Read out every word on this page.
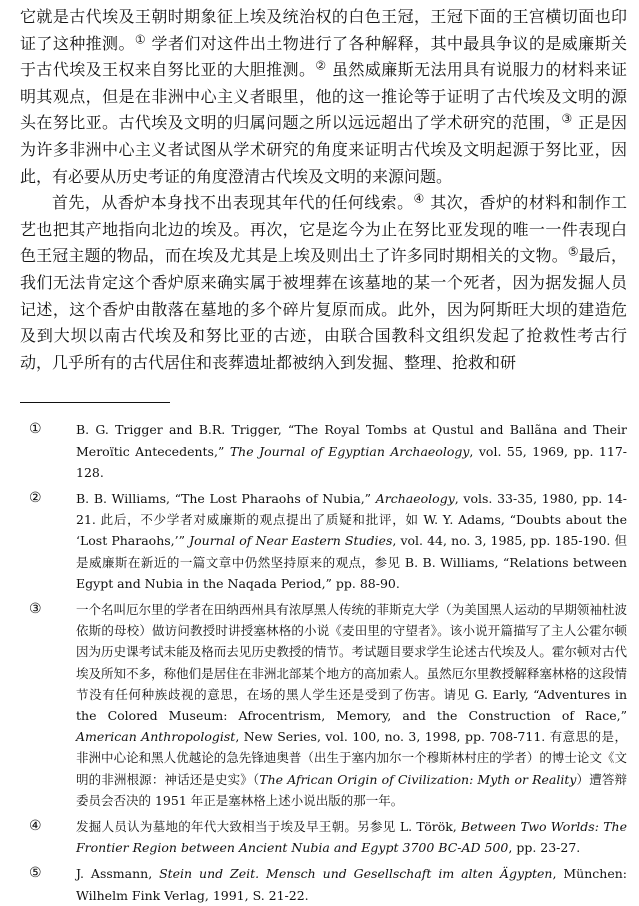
它就是古代埃及王朝时期象征上埃及统治权的白色王冠，王冠下面的王宫横切面也印证了这种推测。① 学者们对这件出土物进行了各种解释，其中最具争议的是威廉斯关于古代埃及王权来自努比亚的大胆推测。② 虽然威廉斯无法用具有说服力的材料来证明其观点，但是在非洲中心主义者眼里，他的这一推论等于证明了古代埃及文明的源头在努比亚。古代埃及文明的归属问题之所以远远超出了学术研究的范围，③ 正是因为许多非洲中心主义者试图从学术研究的角度来证明古代埃及文明起源于努比亚，因此，有必要从历史考证的角度澄清古代埃及文明的来源问题。

首先，从香炉本身找不出表现其年代的任何线索。④ 其次，香炉的材料和制作工艺也把其产地指向北边的埃及。再次，它是迄今为止在努比亚发现的唯一一件表现白色王冠主题的物品，而在埃及尤其是上埃及则出土了许多同时期相关的文物。⑤最后，我们无法肯定这个香炉原来确实属于被埋葬在该墓地的某一个死者，因为据发掘人员记述，这个香炉由散落在墓地的多个碎片复原而成。此外，因为阿斯旺大坝的建造危及到大坝以南古代埃及和努比亚的古迹，由联合国教科文组织发起了抢救性考古行动，几乎所有的古代居住和丧葬遗址都被纳入到发掘、整理、抢救和研

①	B. G. Trigger and B.R. Trigger, “The Royal Tombs at Qustul and Ballãna and Their Meroïtic Antecedents,” The Journal of Egyptian Archaeology, vol. 55, 1969, pp. 117-128.
②	B. B. Williams, “The Lost Pharaohs of Nubia,” Archaeology, vols. 33-35, 1980, pp. 14-21. 此后，不少学者对威廉斯的观点提出了质疑和批评，如 W. Y. Adams, “Doubts about the ‘Lost Pharaohs,’” Journal of Near Eastern Studies, vol. 44, no. 3, 1985, pp. 185-190. 但是威廉斯在新近的一篇文章中仍然坚持原来的观点，参见 B. B. Williams, “Relations between Egypt and Nubia in the Naqada Period,” pp. 88-90.
③	一个名叫厄尔里的学者在田纳西州具有浓厚黑人传统的菲斯克大学（为美国黑人运动的早期领袖杜波依斯的母校）做访问教授时讲授塞林格的小说《麦田里的守望者》。该小说开篇描写了主人公霍尔顿因为历史课考试未能及格而去见历史教授的情节。考试题目要求学生论述古代埃及人。霍尔顿对古代埃及所知不多，称他们是居住在非洲北部某个地方的高加索人。虽然厄尔里教授解释塞林格的这段情节没有任何种族歧视的意思，在场的黑人学生还是受到了伤害。请见 G. Early, “Adventures in the Colored Museum: Afrocentrism, Memory, and the Construction of Race,” American Anthropologist, New Series, vol. 100, no. 3, 1998, pp. 708-711. 有意思的是，非洲中心论和黑人优越论的急先锋迪奥普（出生于塞内加尔一个穆斯林村庄的学者）的博士论文《文明的非洲根源：神话还是史实》（The African Origin of Civilization: Myth or Reality）遭答辩委员会否决的 1951 年正是塞林格上述小说出版的那一年。
④	发掘人员认为墓地的年代大致相当于埃及早王朝。另参见 L. Török, Between Two Worlds: The Frontier Region between Ancient Nubia and Egypt 3700 BC-AD 500, pp. 23-27.
⑤	J. Assmann, Stein und Zeit. Mensch und Gesellschaft im alten Ägypten, München: Wilhelm Fink Verlag, 1991, S. 21-22.
